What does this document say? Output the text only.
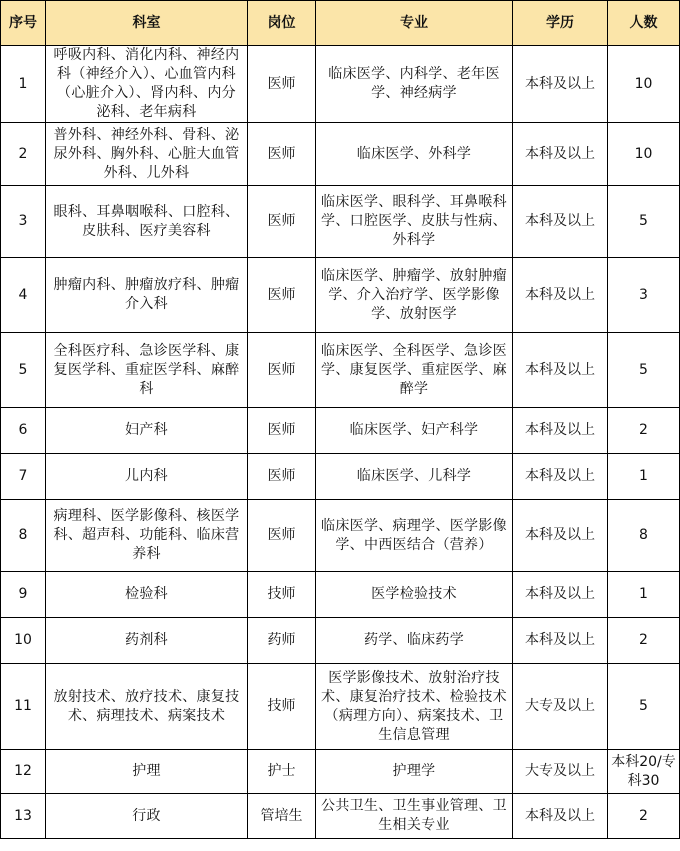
序号	科室	岗位	专业	学历	人数
1	呼吸内科、消化内科、神经内科（神经介入）、心血管内科（心脏介入）、肾内科、内分泌科、老年病科	医师	临床医学、内科学、老年医学、神经病学	本科及以上	10
2	普外科、神经外科、骨科、泌尿外科、胸外科、心脏大血管外科、儿外科	医师	临床医学、外科学	本科及以上	10
3	眼科、耳鼻咽喉科、口腔科、皮肤科、医疗美容科	医师	临床医学、眼科学、耳鼻喉科学、口腔医学、皮肤与性病、外科学	本科及以上	5
4	肿瘤内科、肿瘤放疗科、肿瘤介入科	医师	临床医学、肿瘤学、放射肿瘤学、介入治疗学、医学影像学、放射医学	本科及以上	3
5	全科医疗科、急诊医学科、康复医学科、重症医学科、麻醉科	医师	临床医学、全科医学、急诊医学、康复医学、重症医学、麻醉学	本科及以上	5
6	妇产科	医师	临床医学、妇产科学	本科及以上	2
7	儿内科	医师	临床医学、儿科学	本科及以上	1
8	病理科、医学影像科、核医学科、超声科、功能科、临床营养科	医师	临床医学、病理学、医学影像学、中西医结合（营养）	本科及以上	8
9	检验科	技师	医学检验技术	本科及以上	1
10	药剂科	药师	药学、临床药学	本科及以上	2
11	放射技术、放疗技术、康复技术、病理技术、病案技术	技师	医学影像技术、放射治疗技术、康复治疗技术、检验技术（病理方向）、病案技术、卫生信息管理	大专及以上	5
12	护理	护士	护理学	大专及以上	本科20/专科30
13	行政	管培生	公共卫生、卫生事业管理、卫生相关专业	本科及以上	2
